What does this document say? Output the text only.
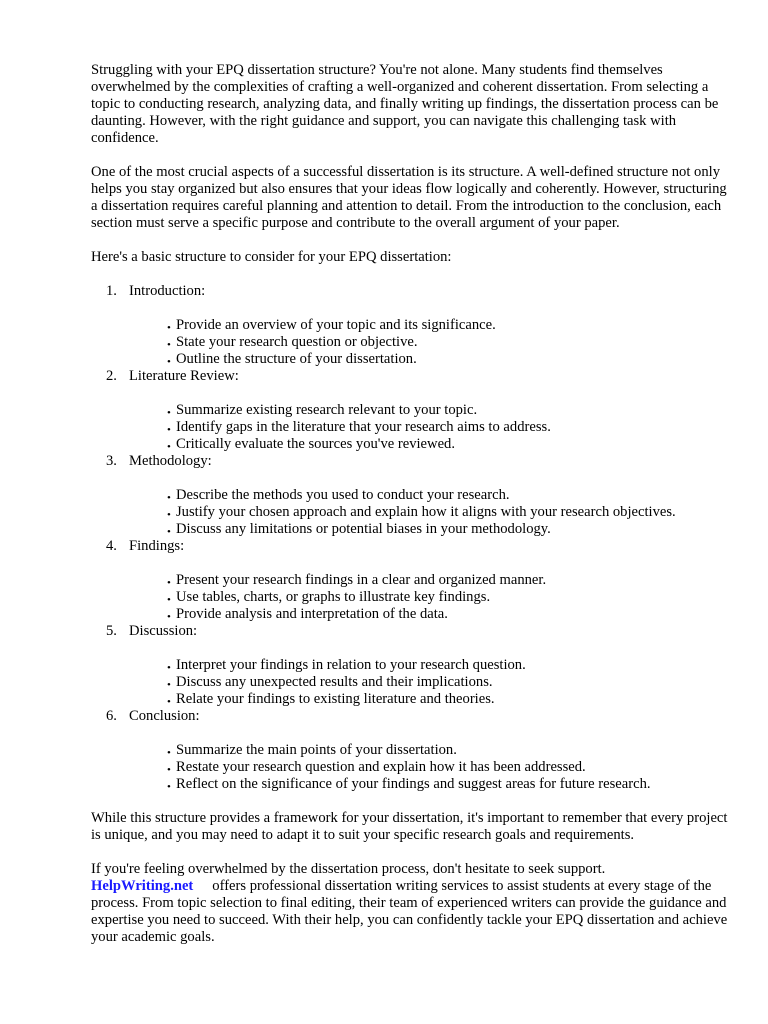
Struggling with your EPQ dissertation structure? You're not alone. Many students find themselves overwhelmed by the complexities of crafting a well-organized and coherent dissertation. From selecting a topic to conducting research, analyzing data, and finally writing up findings, the dissertation process can be daunting. However, with the right guidance and support, you can navigate this challenging task with confidence.

One of the most crucial aspects of a successful dissertation is its structure. A well-defined structure not only helps you stay organized but also ensures that your ideas flow logically and coherently. However, structuring a dissertation requires careful planning and attention to detail. From the introduction to the conclusion, each section must serve a specific purpose and contribute to the overall argument of your paper.

Here's a basic structure to consider for your EPQ dissertation:

1. Introduction:
• Provide an overview of your topic and its significance.
• State your research question or objective.
• Outline the structure of your dissertation.
2. Literature Review:
• Summarize existing research relevant to your topic.
• Identify gaps in the literature that your research aims to address.
• Critically evaluate the sources you've reviewed.
3. Methodology:
• Describe the methods you used to conduct your research.
• Justify your chosen approach and explain how it aligns with your research objectives.
• Discuss any limitations or potential biases in your methodology.
4. Findings:
• Present your research findings in a clear and organized manner.
• Use tables, charts, or graphs to illustrate key findings.
• Provide analysis and interpretation of the data.
5. Discussion:
• Interpret your findings in relation to your research question.
• Discuss any unexpected results and their implications.
• Relate your findings to existing literature and theories.
6. Conclusion:
• Summarize the main points of your dissertation.
• Restate your research question and explain how it has been addressed.
• Reflect on the significance of your findings and suggest areas for future research.

While this structure provides a framework for your dissertation, it's important to remember that every project is unique, and you may need to adapt it to suit your specific research goals and requirements.

If you're feeling overwhelmed by the dissertation process, don't hesitate to seek support.
HelpWriting.net offers professional dissertation writing services to assist students at every stage of the process. From topic selection to final editing, their team of experienced writers can provide the guidance and expertise you need to succeed. With their help, you can confidently tackle your EPQ dissertation and achieve your academic goals.
